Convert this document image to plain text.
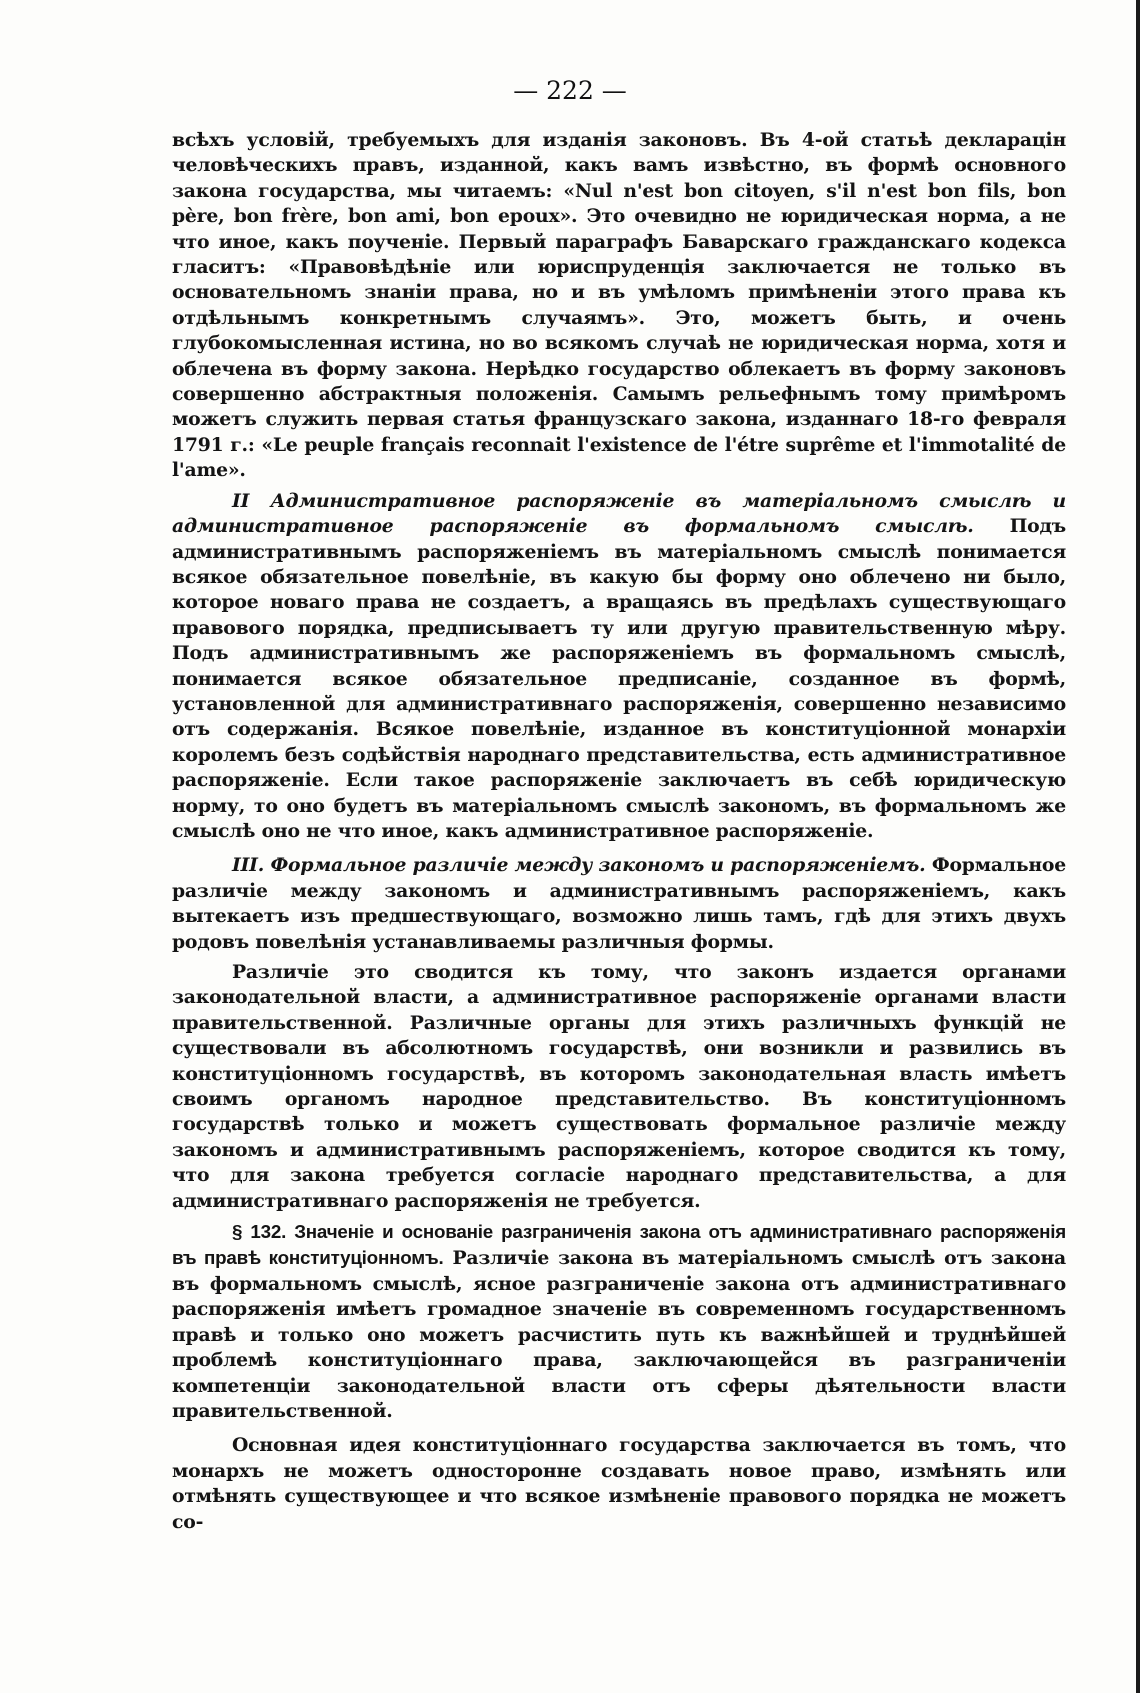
— 222 —

всѣхъ условій, требуемыхъ для изданія законовъ. Въ 4-ой статьѣ декларацін человѣческихъ правъ, изданной, какъ вамъ извѣстно, въ формѣ основного закона государства, мы читаемъ: «Nul n'est bon citoyen, s'il n'est bon fils, bon père, bon frère, bon ami, bon epoux». Это очевидно не юридическая норма, а не что иное, какъ поученіе. Первый параграфъ Баварскаго гражданскаго кодекса гласитъ: «Правовѣдѣніе или юриспруденція заключается не только въ основательномъ знаніи права, но и въ умѣломъ примѣненіи этого права къ отдѣльнымъ конкретнымъ случаямъ». Это, можетъ быть, и очень глубокомысленная истина, но во всякомъ случаѣ не юридическая норма, хотя и облечена въ форму закона. Нерѣдко государство облекаетъ въ форму законовъ совершенно абстрактныя положенія. Самымъ рельефнымъ тому примѣромъ можетъ служить первая статья французскаго закона, изданнаго 18-го февраля 1791 г.: «Le peuple français reconnait l'existence de l'étre suprême et l'immotalité de l'ame».

II Административное распоряженіе въ матеріальномъ смыслѣ и административное распоряженіе въ формальномъ смыслѣ. Подъ административнымъ распоряженіемъ въ матеріальномъ смыслѣ понимается всякое обязательное повелѣніе, въ какую бы форму оно облечено ни было, которое новаго права не создаетъ, а вращаясь въ предѣлахъ существующаго правового порядка, предписываетъ ту или другую правительственную мѣру. Подъ административнымъ же распоряженіемъ въ формальномъ смыслѣ, понимается всякое обязательное предписаніе, созданное въ формѣ, установленной для административнаго распоряженія, совершенно независимо отъ содержанія. Всякое повелѣніе, изданное въ конституціонной монархіи королемъ безъ содѣйствія народнаго представительства, есть административное распоряженіе. Если такое распоряженіе заключаетъ въ себѣ юридическую норму, то оно будетъ въ матеріальномъ смыслѣ закономъ, въ формальномъ же смыслѣ оно не что иное, какъ административное распоряженіе.

III. Формальное различіе между закономъ и распоряженіемъ. Формальное различіе между закономъ и административнымъ распоряженіемъ, какъ вытекаетъ изъ предшествующаго, возможно лишь тамъ, гдѣ для этихъ двухъ родовъ повелѣнія устанавливаемы различныя формы.

Различіе это сводится къ тому, что законъ издается органами законодательной власти, а административное распоряженіе органами власти правительственной. Различные органы для этихъ различныхъ функцій не существовали въ абсолютномъ государствѣ, они возникли и развились въ конституціонномъ государствѣ, въ которомъ законодательная власть имѣетъ своимъ органомъ народное представительство. Въ конституціонномъ государствѣ только и можетъ существовать формальное различіе между закономъ и административнымъ распоряженіемъ, которое сводится къ тому, что для закона требуется согласіе народнаго представительства, а для административнаго распоряженія не требуется.

§ 132. Значеніе и основаніе разграниченія закона отъ административнаго распоряженія въ правѣ конституціонномъ. Различіе закона въ матеріальномъ смыслѣ отъ закона въ формальномъ смыслѣ, ясное разграниченіе закона отъ административнаго распоряженія имѣетъ громадное значеніе въ современномъ государственномъ правѣ и только оно можетъ расчистить путь къ важнѣйшей и труднѣйшей проблемѣ конституціоннаго права, заключающейся въ разграниченіи компетенціи законодательной власти отъ сферы дѣятельности власти правительственной.

Основная идея конституціоннаго государства заключается въ томъ, что монархъ не можетъ односторонне создавать новое право, измѣнять или отмѣнять существующее и что всякое измѣненіе правового порядка не можетъ со-
